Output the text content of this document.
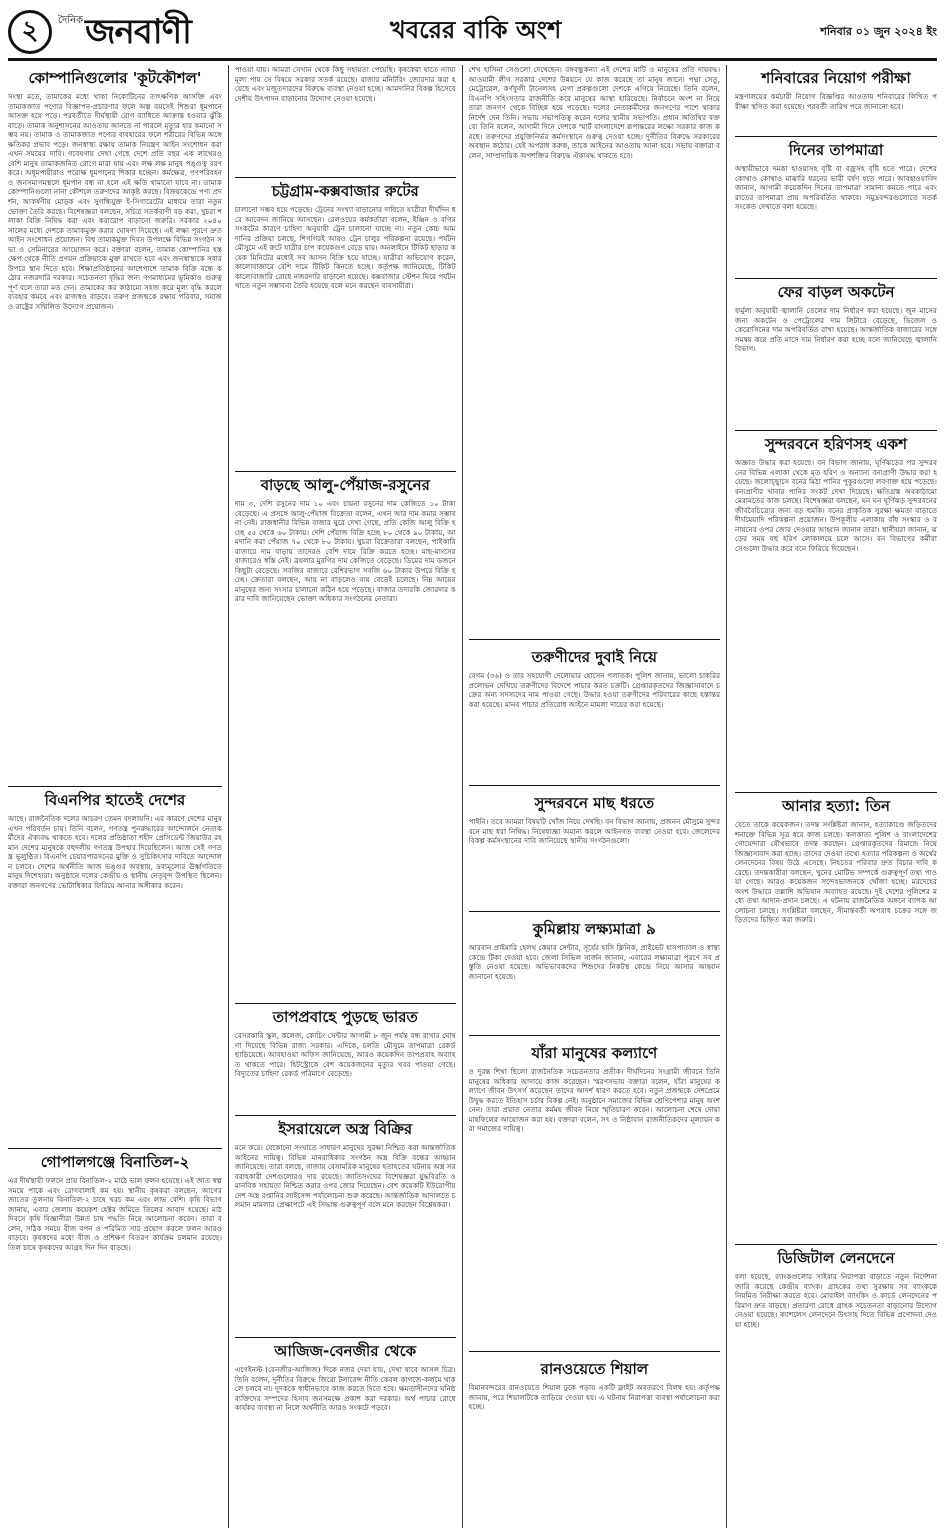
২	দৈনিক জনবাণী	খবরের বাকি অংশ	শনিবার ০১ জুন ২০২৪ ইং
কোম্পানিগুলোর 'কূটকৌশল'
সংস্থা মতে, তামাকের মধ্যে থাকা নিকোটিনের তাৎক্ষণিক আসক্তি এবং তামাকজাত পণ্যের বিজ্ঞাপন-প্রচারণার ফলে অল্প বয়সেই শিশুরা ধূমপানে আসক্ত হয়ে পড়ে। পরবর্তীতে দীর্ঘস্থায়ী রোগ ব্যাধিতে আক্রান্ত হওয়ার ঝুঁকি বাড়ে। তামাক অনুশাসনের আওতায় আনতে না পারলে মৃত্যুর হার কমানো সম্ভব নয়। তামাক ও তামাকজাত পণ্যের ব্যবহারের ফলে শরীরের বিভিন্ন অঙ্গে ক্ষতিকর প্রভাব পড়ে। জনস্বাস্থ্য রক্ষায় তামাক নিয়ন্ত্রণ আইন সংশোধন করা এখন সময়ের দাবি। গবেষণায় দেখা গেছে দেশে প্রতি বছর এক লাখেরও বেশি মানুষ তামাকজনিত রোগে মারা যায় এবং লক্ষ লক্ষ মানুষ পঙ্গুত্ব বরণ করে। অধূমপায়ীরাও পরোক্ষ ধূমপানের শিকার হচ্ছেন। কর্মক্ষেত্র, গণপরিবহন ও জনসমাগমস্থলে ধূমপান বন্ধ না হলে এই ক্ষতি থামানো যাবে না। তামাক কোম্পানিগুলো নানা কৌশলে তরুণদের আকৃষ্ট করছে। বিক্রয়কেন্দ্রে পণ্য প্রদর্শন, আকর্ষণীয় মোড়ক এবং সুগন্ধিযুক্ত ই-সিগারেটের মাধ্যমে তারা নতুন ভোক্তা তৈরি করছে। বিশেষজ্ঞরা বলছেন, সচিত্র সতর্কবাণী বড় করা, খুচরা শলাকা বিক্রি নিষিদ্ধ করা এবং করারোপ বাড়ানো জরুরি। সরকার ২০৪০ সালের মধ্যে দেশকে তামাকমুক্ত করার ঘোষণা দিয়েছে। এই লক্ষ্য পূরণে দ্রুত আইন সংশোধন প্রয়োজন। বিশ্ব তামাকমুক্ত দিবস উপলক্ষে বিভিন্ন সংগঠন সভা ও সেমিনারের আয়োজন করে। বক্তারা বলেন, তামাক কোম্পানির হস্তক্ষেপ থেকে নীতি প্রণয়ন প্রক্রিয়াকে মুক্ত রাখতে হবে এবং জনস্বাস্থ্যকে সবার উপরে স্থান দিতে হবে। শিক্ষাপ্রতিষ্ঠানের আশেপাশে তামাক বিক্রি বন্ধে কঠোর নজরদারি দরকার। সচেতনতা বৃদ্ধির জন্য গণমাধ্যমের ভূমিকাও গুরুত্বপূর্ণ বলে তারা মত দেন। তামাকের কর কাঠামো সহজ করে মূল্য বৃদ্ধি করলে ব্যবহার কমবে এবং রাজস্বও বাড়বে। তরুণ প্রজন্মকে রক্ষায় পরিবার, সমাজ ও রাষ্ট্রের সম্মিলিত উদ্যোগ প্রয়োজন।
বিএনপির হাতেই দেশের
আছে। রাজনৈতিক দলের আচরণ তেমন বদলায়নি। এর কারণে দেশের মানুষ এখন পরিবর্তন চায়। তিনি বলেন, গণতন্ত্র পুনরুদ্ধারের আন্দোলনে নেতাকর্মীদের ঐক্যবদ্ধ থাকতে হবে। দলের প্রতিষ্ঠাতা শহীদ প্রেসিডেন্ট জিয়াউর রহমান দেশের মানুষকে বহুদলীয় গণতন্ত্র উপহার দিয়েছিলেন। আজ সেই গণতন্ত্র ভূলুণ্ঠিত। বিএনপি চেয়ারপারসনের মুক্তি ও সুচিকিৎসার দাবিতে আন্দোলন চলবে। দেশের অর্থনীতি আজ ভঙ্গুর অবস্থায়, দ্রব্যমূল্যের ঊর্ধ্বগতিতে মানুষ দিশেহারা। অনুষ্ঠানে দলের কেন্দ্রীয় ও স্থানীয় নেতৃবৃন্দ উপস্থিত ছিলেন। বক্তারা জনগণের ভোটাধিকার ফিরিয়ে আনার অঙ্গীকার করেন।
গোপালগঞ্জে বিনাতিল-২
এর দীর্ঘস্থায়ী ফলনে প্রায় বিনাতিল-২ মাঠে ভাল ফলন হয়েছে। এই জাত স্বল্প সময়ে পাকে এবং রোগবালাই কম হয়। স্থানীয় কৃষকরা বলছেন, আগের জাতের তুলনায় বিনাতিল-২ চাষে খরচ কম এবং লাভ বেশি। কৃষি বিভাগ জানায়, এবার জেলায় কয়েকশ হেক্টর জমিতে তিলের আবাদ হয়েছে। মাঠ দিবসে কৃষি বিজ্ঞানীরা উন্নত চাষ পদ্ধতি নিয়ে আলোচনা করেন। তারা বলেন, সঠিক সময়ে বীজ বপন ও পরিমিত সার প্রয়োগ করলে ফলন আরও বাড়বে। কৃষকদের মধ্যে বীজ ও প্রশিক্ষণ বিতরণ কার্যক্রম চলমান রয়েছে। তিল চাষে কৃষকদের আগ্রহ দিন দিন বাড়ছে।
পাওয়া যায়। আমরা সেখান থেকে কিছু সহায়তা পেয়েছি। কৃষকেরা যাতে ন্যায্যমূল্য পায় সে বিষয়ে সরকার সতর্ক রয়েছে। বাজার মনিটরিং জোরদার করা হয়েছে এবং মজুতদারদের বিরুদ্ধে ব্যবস্থা নেওয়া হচ্ছে। আমদানির বিকল্প হিসেবে দেশীয় উৎপাদন বাড়ানোর উদ্যোগ নেওয়া হয়েছে।
চট্টগ্রাম-কক্সবাজার রুটের
চালানো সম্ভব হয়ে পড়েছে। ট্রেনের সংখ্যা বাড়ানোর দাবিতে যাত্রীরা দীর্ঘদিন ধরে আবেদন জানিয়ে আসছেন। রেলওয়ের কর্মকর্তারা বলেন, ইঞ্জিন ও বগির সংকটের কারণে চাহিদা অনুযায়ী ট্রেন চালানো যাচ্ছে না। নতুন কোচ আমদানির প্রক্রিয়া চলছে, শিগগিরই আরও ট্রেন চালুর পরিকল্পনা রয়েছে। পর্যটন মৌসুমে এই রুটে যাত্রীর চাপ কয়েকগুণ বেড়ে যায়। অনলাইনে টিকিট ছাড়ার কয়েক মিনিটের মধ্যেই সব আসন বিক্রি হয়ে যাচ্ছে। যাত্রীরা অভিযোগ করেন, কালোবাজারে বেশি দামে টিকিট কিনতে হচ্ছে। কর্তৃপক্ষ জানিয়েছে, টিকিট কালোবাজারি রোধে নজরদারি বাড়ানো হয়েছে। কক্সবাজার স্টেশন ঘিরে পর্যটন খাতে নতুন সম্ভাবনা তৈরি হয়েছে বলে মনে করছেন ব্যবসায়ীরা।
বাড়ছে আলু-পেঁয়াজ-রসুনের
দাম ৩, দেশি রসুনের দাম ১০ এবং চায়না রসুনের দাম কেজিতে ১০ টাকা বেড়েছে। এ প্রসঙ্গে আলু-পেঁয়াজ বিক্রেতা বলেন, এখন আর দাম কমার সম্ভাবনা নেই। রাজধানীর বিভিন্ন বাজার ঘুরে দেখা গেছে, প্রতি কেজি আলু বিক্রি হচ্ছে ৫৫ থেকে ৬০ টাকায়। দেশি পেঁয়াজ বিক্রি হচ্ছে ৮০ থেকে ৯০ টাকায়, আমদানি করা পেঁয়াজ ৭০ থেকে ৮০ টাকায়। খুচরা বিক্রেতারা বলছেন, পাইকারি বাজারে দাম বাড়ায় তাদেরও বেশি দামে বিক্রি করতে হচ্ছে। মাছ-মাংসের বাজারেও স্বস্তি নেই। ব্রয়লার মুরগির দাম কেজিতে বেড়েছে। ডিমের দাম ডজনে কিছুটা বেড়েছে। সবজির বাজারে বেশিরভাগ সবজি ৬০ টাকার উপরে বিক্রি হচ্ছে। ক্রেতারা বলছেন, আয় না বাড়লেও ব্যয় বেড়েই চলেছে। নিম্ন আয়ের মানুষের জন্য সংসার চালানো কঠিন হয়ে পড়েছে। বাজার তদারকি জোরদার করার দাবি জানিয়েছেন ভোক্তা অধিকার সংগঠনের নেতারা।
তাপপ্রবাহে পুড়ছে ভারত
বেসরকারি স্কুল, কলেজ, কোচিং সেন্টার আগামী ৮ জুন পর্যন্ত বন্ধ রাখার ঘোষণা দিয়েছে বিভিন্ন রাজ্য সরকার। এদিকে, চলতি মৌসুমে তাপমাত্রা রেকর্ড ছাড়িয়েছে। আবহাওয়া অফিস জানিয়েছে, আরও কয়েকদিন তাপপ্রবাহ অব্যাহত থাকতে পারে। হিটস্ট্রোকে বেশ কয়েকজনের মৃত্যুর খবর পাওয়া গেছে। বিদ্যুতের চাহিদা রেকর্ড পরিমাণে বেড়েছে।
ইসরায়েলে অস্ত্র বিক্রির
মনে করে। যেকোনো সংঘাতে সাধারণ মানুষের সুরক্ষা নিশ্চিত করা আন্তর্জাতিক আইনের দায়িত্ব। বিভিন্ন মানবাধিকার সংগঠন অস্ত্র বিক্রি বন্ধের আহ্বান জানিয়েছে। তারা বলছে, গাজায় বেসামরিক মানুষের হতাহতের ঘটনায় অস্ত্র সরবরাহকারী দেশগুলোরও দায় রয়েছে। জাতিসংঘের বিশেষজ্ঞরা যুদ্ধবিরতি ও মানবিক সহায়তা নিশ্চিত করার ওপর জোর দিয়েছেন। বেশ কয়েকটি ইউরোপীয় দেশ অস্ত্র রপ্তানির লাইসেন্স পর্যালোচনা শুরু করেছে। আন্তর্জাতিক আদালতে চলমান মামলার প্রেক্ষাপটে এই সিদ্ধান্ত গুরুত্বপূর্ণ বলে মনে করছেন বিশ্লেষকরা।
আজিজ-বেনজীর থেকে
এগেইনস্ট (বেনজীর-আজিজ) দিকে নজর দেয়া যায়, দেখা যাবে আসল চিত্র। তিনি বলেন, দুর্নীতির বিরুদ্ধে জিরো টলারেন্স নীতি কেবল কাগজে-কলমে থাকলে চলবে না। দুদককে স্বাধীনভাবে কাজ করতে দিতে হবে। ক্ষমতাসীনদের ঘনিষ্ঠ ব্যক্তিদের সম্পদের হিসাব জনসমক্ষে প্রকাশ করা দরকার। অর্থ পাচার রোধে কার্যকর ব্যবস্থা না নিলে অর্থনীতি আরও সংকটে পড়বে।
শেখ হাসিনা সেগুলো দেখেছেন। বঙ্গবন্ধুকন্যা এই দেশের মাটি ও মানুষের প্রতি দায়বদ্ধ। আওয়ামী লীগ সরকার দেশের উন্নয়নে যে কাজ করেছে তা মানুষ জানে। পদ্মা সেতু, মেট্রোরেল, কর্ণফুলী টানেলসহ মেগা প্রকল্পগুলো দেশকে এগিয়ে নিয়েছে। তিনি বলেন, বিএনপি সহিংসতার রাজনীতি করে মানুষের আস্থা হারিয়েছে। নির্বাচনে অংশ না নিয়ে তারা জনগণ থেকে বিচ্ছিন্ন হয়ে পড়েছে। দলের নেতাকর্মীদের জনগণের পাশে থাকার নির্দেশ দেন তিনি। সভায় সভাপতিত্ব করেন দলের স্থানীয় সভাপতি। প্রধান অতিথির বক্তব্যে তিনি বলেন, আগামী দিনে দেশকে স্মার্ট বাংলাদেশে রূপান্তরের লক্ষ্যে সরকার কাজ করছে। তরুণদের প্রযুক্তিনির্ভর কর্মসংস্থানে গুরুত্ব দেওয়া হচ্ছে। দুর্নীতির বিরুদ্ধে সরকারের অবস্থান কঠোর। যেই অপরাধ করুক, তাকে আইনের আওতায় আনা হবে। সভায় বক্তারা বলেন, সাম্প্রদায়িক অপশক্তির বিরুদ্ধে ঐক্যবদ্ধ থাকতে হবে।
তরুণীদের দুবাই নিয়ে
বেগম (৩৬) ও তার সহযোগী দেলোয়ার হোসেন পলাতক। পুলিশ জানায়, ভালো চাকরির প্রলোভন দেখিয়ে তরুণীদের বিদেশে পাচার করত চক্রটি। গ্রেপ্তারকৃতদের জিজ্ঞাসাবাদে চক্রের অন্য সদস্যদের নাম পাওয়া গেছে। উদ্ধার হওয়া তরুণীদের পরিবারের কাছে হস্তান্তর করা হয়েছে। মানব পাচার প্রতিরোধ আইনে মামলা দায়ের করা হয়েছে।
সুন্দরবনে মাছ ধরতে
পাইনি। তবে আমরা বিষয়টি খোঁজ নিয়ে দেখছি। বন বিভাগ জানায়, প্রজনন মৌসুমে সুন্দরবনে মাছ ধরা নিষিদ্ধ। নিষেধাজ্ঞা অমান্য করলে আইনগত ব্যবস্থা নেওয়া হবে। জেলেদের বিকল্প কর্মসংস্থানের দাবি জানিয়েছে স্থানীয় সংগঠনগুলো।
কুমিল্লায় লক্ষ্যমাত্রা ৯
আরবান প্রাইমারি হেলথ কেয়ার সেন্টার, সূর্যের হাসি ক্লিনিক, প্রাইভেট হাসপাতাল ও স্বাস্থ্য কেন্দ্রে টিকা দেওয়া হবে। জেলা সিভিল সার্জন জানান, এবারের লক্ষ্যমাত্রা পূরণে সব প্রস্তুতি নেওয়া হয়েছে। অভিভাবকদের শিশুদের নিকটস্থ কেন্দ্রে নিয়ে আসার আহ্বান জানানো হয়েছে।
যাঁরা মানুষের কল্যাণে
ও দুরন্ত শিখা ছিলো রাজনৈতিক সচেতনতার প্রতীক। দীর্ঘদিনের সংগ্রামী জীবনে তিনি মানুষের অধিকার আদায়ে কাজ করেছেন। স্মরণসভায় বক্তারা বলেন, যাঁরা মানুষের কল্যাণে জীবন উৎসর্গ করেছেন তাদের আদর্শ ধারণ করতে হবে। নতুন প্রজন্মকে দেশপ্রেমে উদ্বুদ্ধ করতে ইতিহাস চর্চার বিকল্প নেই। অনুষ্ঠানে সমাজের বিভিন্ন শ্রেণিপেশার মানুষ অংশ নেন। তারা প্রয়াত নেতার কর্মময় জীবন নিয়ে স্মৃতিচারণ করেন। আলোচনা শেষে দোয়া মাহফিলের আয়োজন করা হয়। বক্তারা বলেন, সৎ ও নিষ্ঠাবান রাজনীতিকদের মূল্যায়ন করা সমাজের দায়িত্ব।
রানওয়েতে শিয়াল
বিমানবন্দরের রানওয়েতে শিয়াল ঢুকে পড়ায় একটি ফ্লাইট অবতরণে বিলম্ব হয়। কর্তৃপক্ষ জানায়, পরে শিয়ালটিকে তাড়িয়ে দেওয়া হয়। এ ঘটনায় নিরাপত্তা ব্যবস্থা পর্যালোচনা করা হচ্ছে।
শনিবারের নিয়োগ পরীক্ষা
মন্ত্রণালয়ের কর্মচারী নিয়োগ বিজ্ঞপ্তির আওতায় শনিবারের লিখিত পরীক্ষা স্থগিত করা হয়েছে। পরবর্তী তারিখ পরে জানানো হবে।
দিনের তাপমাত্রা
অস্থায়ীভাবে দমকা হাওয়াসহ বৃষ্টি বা বজ্রসহ বৃষ্টি হতে পারে। দেশের কোথাও কোথাও মাঝারি ধরনের ভারী বর্ষণ হতে পারে। আবহাওয়াবিদ জানান, আগামী কয়েকদিন দিনের তাপমাত্রা সামান্য কমতে পারে এবং রাতের তাপমাত্রা প্রায় অপরিবর্তিত থাকবে। সমুদ্রবন্দরগুলোতে সতর্কসংকেত দেখাতে বলা হয়েছে।
ফের বাড়ল অকটেন
ফর্মুলা অনুযায়ী জ্বালানি তেলের দাম নির্ধারণ করা হয়েছে। জুন মাসের জন্য অকটেন ও পেট্রোলের দাম লিটারে বেড়েছে, ডিজেল ও কেরোসিনের দাম অপরিবর্তিত রাখা হয়েছে। আন্তর্জাতিক বাজারের সঙ্গে সমন্বয় করে প্রতি মাসে দাম নির্ধারণ করা হচ্ছে বলে জানিয়েছে জ্বালানি বিভাগ।
সুন্দরবনে হরিণসহ একশ
অজ্ঞাত উদ্ধার করা হয়েছে। বন বিভাগ জানায়, ঘূর্ণিঝড়ের পর সুন্দরবনের বিভিন্ন এলাকা থেকে মৃত হরিণ ও অন্যান্য বন্যপ্রাণী উদ্ধার করা হয়েছে। জলোচ্ছ্বাসে বনের মিঠা পানির পুকুরগুলো লবণাক্ত হয়ে পড়েছে। বন্যপ্রাণীর খাবার পানির সংকট দেখা দিয়েছে। ক্ষতিগ্রস্ত অবকাঠামো মেরামতের কাজ চলছে। বিশেষজ্ঞরা বলছেন, ঘন ঘন ঘূর্ণিঝড় সুন্দরবনের জীববৈচিত্র্যের জন্য বড় হুমকি। বনের প্রাকৃতিক সুরক্ষা ক্ষমতা বাড়াতে দীর্ঘমেয়াদি পরিকল্পনা প্রয়োজন। উপকূলীয় এলাকায় বাঁধ সংস্কার ও বনায়নের ওপর জোর দেওয়ার আহ্বান জানান তারা। স্থানীয়রা জানান, ঝড়ের সময় বহু হরিণ লোকালয়ে চলে আসে। বন বিভাগের কর্মীরা সেগুলো উদ্ধার করে বনে ফিরিয়ে দিয়েছেন।
আনার হত্যা: তিন
যেতে তাকে কয়েকজন। তদন্ত সংশ্লিষ্টরা জানান, হত্যাকাণ্ডে জড়িতদের শনাক্তে বিভিন্ন সূত্র ধরে কাজ চলছে। কলকাতা পুলিশ ও বাংলাদেশের গোয়েন্দারা যৌথভাবে তদন্ত করছেন। গ্রেপ্তারকৃতদের রিমান্ডে নিয়ে জিজ্ঞাসাবাদ করা হচ্ছে। তাদের দেওয়া তথ্যে হত্যার পরিকল্পনা ও অর্থের লেনদেনের বিষয় উঠে এসেছে। নিহতের পরিবার দ্রুত বিচার দাবি করেছে। তদন্তকারীরা বলছেন, খুনের মোটিভ সম্পর্কে গুরুত্বপূর্ণ তথ্য পাওয়া গেছে। আরও কয়েকজন সন্দেহভাজনকে খোঁজা হচ্ছে। মরদেহের অংশ উদ্ধারে তল্লাশি অভিযান অব্যাহত রয়েছে। দুই দেশের পুলিশের মধ্যে তথ্য আদান-প্রদান চলছে। এ ঘটনায় রাজনৈতিক অঙ্গনে ব্যাপক আলোচনা চলছে। সংশ্লিষ্টরা বলছেন, সীমান্তবর্তী অপরাধ চক্রের সঙ্গে জড়িতদের চিহ্নিত করা জরুরি।
ডিজিটাল লেনদেনে
বলা হয়েছে, ব্যাংকগুলোর সাইবার নিরাপত্তা বাড়াতে নতুন নির্দেশনা জারি করেছে কেন্দ্রীয় ব্যাংক। গ্রাহকের তথ্য সুরক্ষায় সব ব্যাংককে নিয়মিত নিরীক্ষা করতে হবে। মোবাইল ব্যাংকিং ও কার্ডে লেনদেনের পরিমাণ দ্রুত বাড়ছে। প্রতারণা রোধে গ্রাহক সচেতনতা বাড়ানোর উদ্যোগ নেওয়া হয়েছে। ক্যাশলেস লেনদেনে উৎসাহ দিতে বিভিন্ন প্রণোদনা দেওয়া হচ্ছে।
